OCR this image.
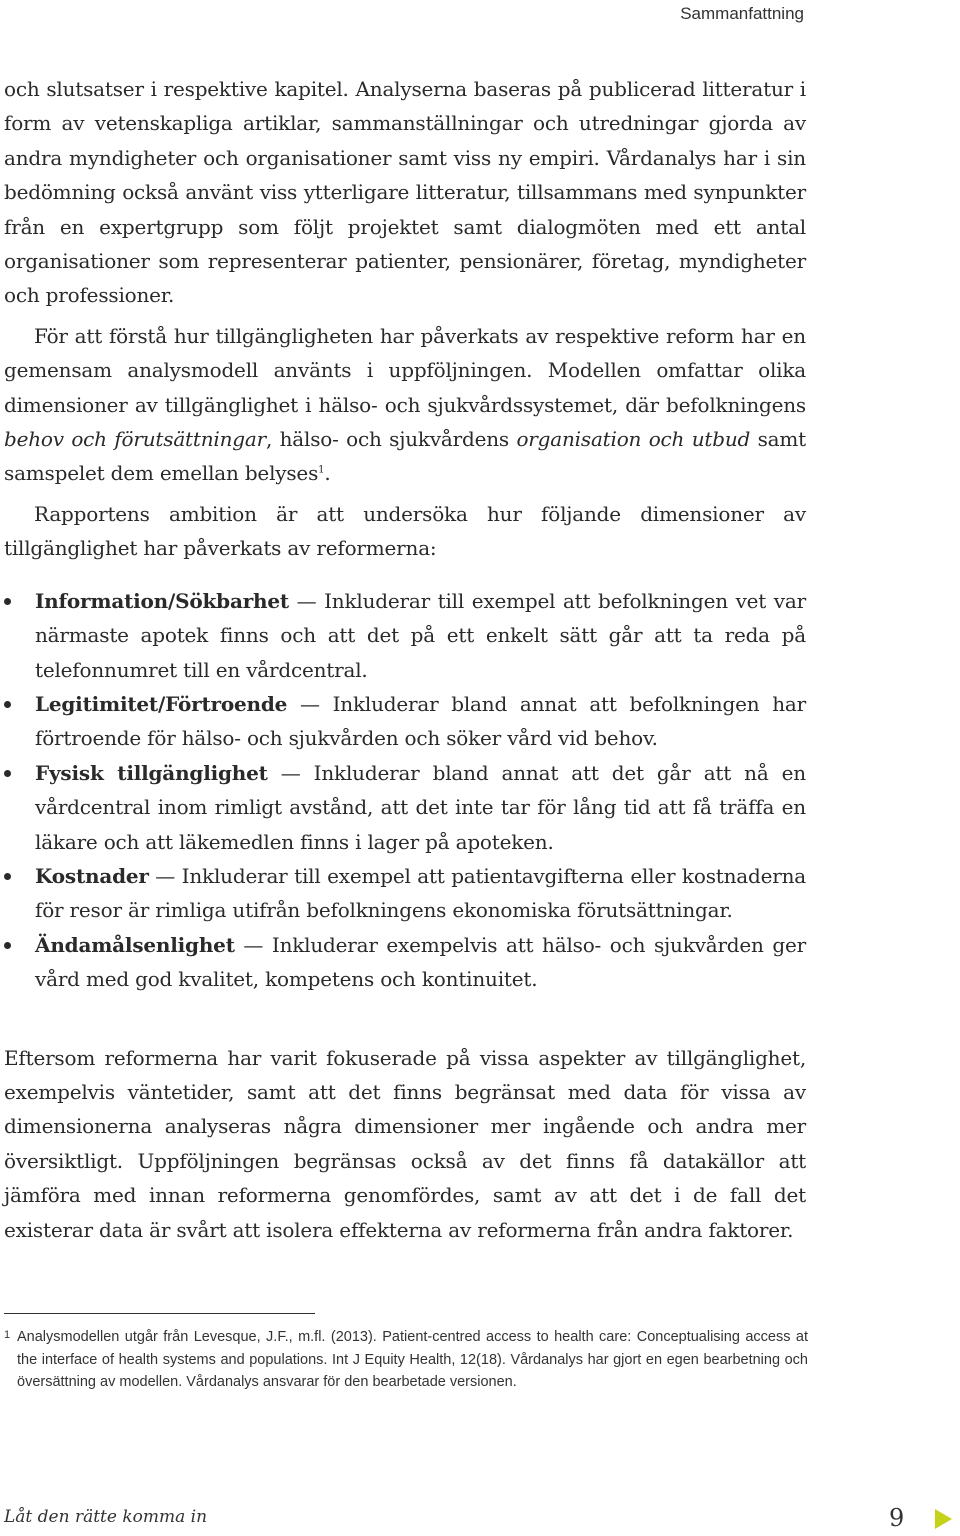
Sammanfattning

och slutsatser i respektive kapitel. Analyserna baseras på publicerad litteratur i form av vetenskapliga artiklar, sammanställningar och utredningar gjorda av andra myndigheter och organisationer samt viss ny empiri. Vårdanalys har i sin bedömning också använt viss ytterligare litteratur, tillsammans med synpunkter från en expertgrupp som följt projektet samt dialogmöten med ett antal organisationer som representerar patienter, pensionärer, företag, myndigheter och professioner.

För att förstå hur tillgängligheten har påverkats av respektive reform har en gemensam analysmodell använts i uppföljningen. Modellen omfattar olika dimensioner av tillgänglighet i hälso- och sjukvårdssystemet, där befolkningens behov och förutsättningar, hälso- och sjukvårdens organisation och utbud samt samspelet dem emellan belyses$^1$.

Rapportens ambition är att undersöka hur följande dimensioner av tillgänglighet har påverkats av reformerna:

Information/Sökbarhet — Inkluderar till exempel att befolkningen vet var närmaste apotek finns och att det på ett enkelt sätt går att ta reda på telefonnumret till en vårdcentral.
Legitimitet/Förtroende — Inkluderar bland annat att befolkningen har förtroende för hälso- och sjukvården och söker vård vid behov.
Fysisk tillgänglighet — Inkluderar bland annat att det går att nå en vårdcentral inom rimligt avstånd, att det inte tar för lång tid att få träffa en läkare och att läkemedlen finns i lager på apoteken.
Kostnader — Inkluderar till exempel att patientavgifterna eller kostnaderna för resor är rimliga utifrån befolkningens ekonomiska förutsättningar.
Ändamålsenlighet — Inkluderar exempelvis att hälso- och sjukvården ger vård med god kvalitet, kompetens och kontinuitet.

Eftersom reformerna har varit fokuserade på vissa aspekter av tillgänglighet, exempelvis väntetider, samt att det finns begränsat med data för vissa av dimensionerna analyseras några dimensioner mer ingående och andra mer översiktligt. Uppföljningen begränsas också av det finns få datakällor att jämföra med innan reformerna genomfördes, samt av att det i de fall det existerar data är svårt att isolera effekterna av reformerna från andra faktorer.

1 Analysmodellen utgår från Levesque, J.F., m.fl. (2013). Patient-centred access to health care: Conceptualising access at the interface of health systems and populations. Int J Equity Health, 12(18). Vårdanalys har gjort en egen bearbetning och översättning av modellen. Vårdanalys ansvarar för den bearbetade versionen.
Låt den rätte komma in	9
